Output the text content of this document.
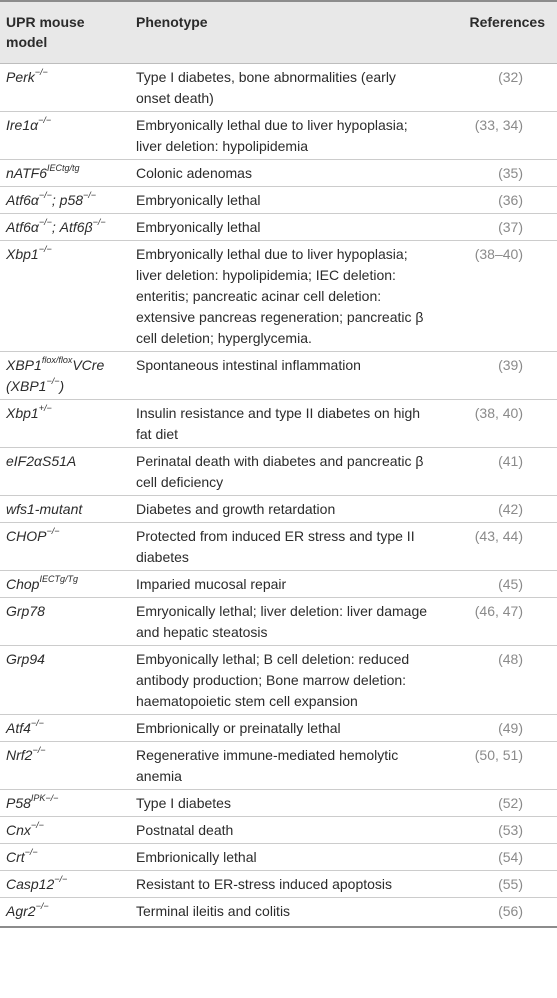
UPR mouse model	Phenotype	References
Perk−/−	Type I diabetes, bone abnormalities (early onset death)	(32)
Ire1α−/−	Embryonically lethal due to liver hypoplasia; liver deletion: hypolipidemia	(33, 34)
$nATF6^{IECtg/tg}$	Colonic adenomas	(35)
Atf6α−/−; p58−/−	Embryonically lethal	(36)
Atf6α−/−; Atf6β−/−	Embryonically lethal	(37)
Xbp1−/−	Embryonically lethal due to liver hypoplasia; liver deletion: hypolipidemia; IEC deletion: enteritis; pancreatic acinar cell deletion: extensive pancreas regeneration; pancreatic β cell deletion; hyperglycemia.	(38–40)
$XBP1^{flox/flox}VCre$ (XBP1−/−)	Spontaneous intestinal inflammation	(39)
Xbp1+/−	Insulin resistance and type II diabetes on high fat diet	(38, 40)
eIF2αS51A	Perinatal death with diabetes and pancreatic β cell deficiency	(41)
wfs1-mutant	Diabetes and growth retardation	(42)
CHOP−/−	Protected from induced ER stress and type II diabetes	(43, 44)
Chop$^{IECTg/Tg}$	Imparied mucosal repair	(45)
Grp78	Emryonically lethal; liver deletion: liver damage and hepatic steatosis	(46, 47)
Grp94	Embyonically lethal; B cell deletion: reduced antibody production; Bone marrow deletion: haematopoietic stem cell expansion	(48)
Atf4−/−	Embrionically or preinatally lethal	(49)
Nrf2−/−	Regenerative immune-mediated hemolytic anemia	(50, 51)
$P58^{IPK-/-}$	Type I diabetes	(52)
Cnx−/−	Postnatal death	(53)
Crt−/−	Embrionically lethal	(54)
Casp12−/−	Resistant to ER-stress induced apoptosis	(55)
Agr2−/−	Terminal ileitis and colitis	(56)
